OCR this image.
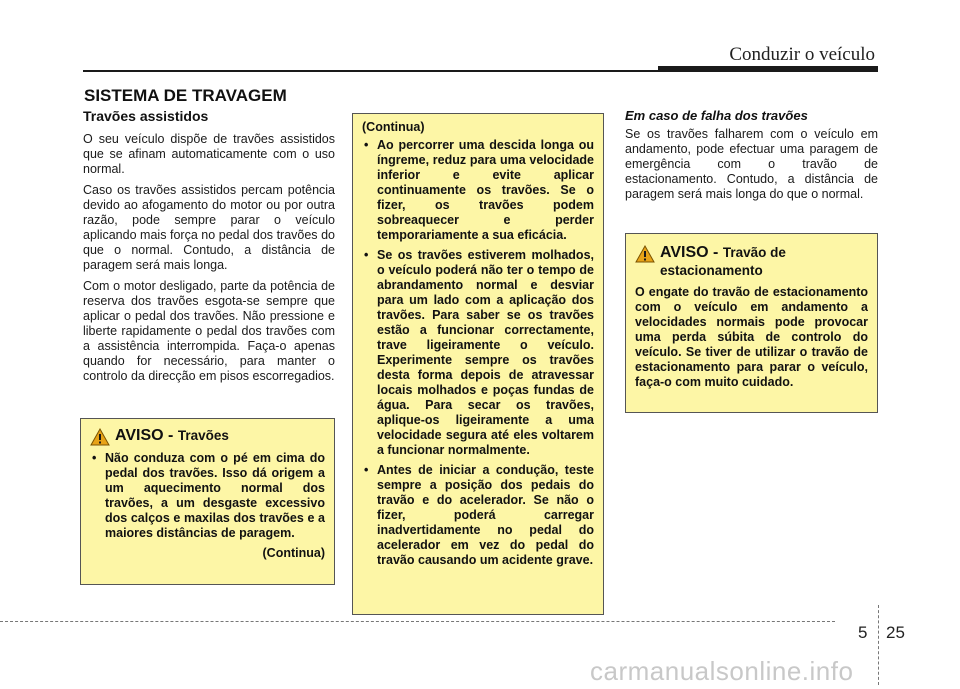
Conduzir o veículo
SISTEMA DE TRAVAGEM
Travões assistidos

O seu veículo dispõe de travões assistidos que se afinam automaticamente com o uso normal.

Caso os travões assistidos percam potência devido ao afogamento do motor ou por outra razão, pode sempre parar o veículo aplicando mais força no pedal dos travões do que o normal. Contudo, a distância de paragem será mais longa.

Com o motor desligado, parte da potência de reserva dos travões esgota-se sempre que aplicar o pedal dos travões. Não pressione e liberte rapidamente o pedal dos travões com a assistência interrompida. Faça-o apenas quando for necessário, para manter o controlo da direcção em pisos escorregadios.

AVISO - Travões
• Não conduza com o pé em cima do pedal dos travões. Isso dá origem a um aquecimento normal dos travões, a um desgaste excessivo dos calços e maxilas dos travões e a maiores distâncias de paragem.
(Continua)
(Continua)
• Ao percorrer uma descida longa ou íngreme, reduz para uma velocidade inferior e evite aplicar continuamente os travões. Se o fizer, os travões podem sobreaquecer e perder temporariamente a sua eficácia.
• Se os travões estiverem molhados, o veículo poderá não ter o tempo de abrandamento normal e desviar para um lado com a aplicação dos travões. Para saber se os travões estão a funcionar correctamente, trave ligeiramente o veículo. Experimente sempre os travões desta forma depois de atravessar locais molhados e poças fundas de água. Para secar os travões, aplique-os ligeiramente a uma velocidade segura até eles voltarem a funcionar normalmente.
• Antes de iniciar a condução, teste sempre a posição dos pedais do travão e do acelerador. Se não o fizer, poderá carregar inadvertidamente no pedal do acelerador em vez do pedal do travão causando um acidente grave.
Em caso de falha dos travões

Se os travões falharem com o veículo em andamento, pode efectuar uma paragem de emergência com o travão de estacionamento. Contudo, a distância de paragem será mais longa do que o normal.

AVISO - Travão de estacionamento
O engate do travão de estacionamento com o veículo em andamento a velocidades normais pode provocar uma perda súbita de controlo do veículo. Se tiver de utilizar o travão de estacionamento para parar o veículo, faça-o com muito cuidado.
5 25
carmanualsonline.info
